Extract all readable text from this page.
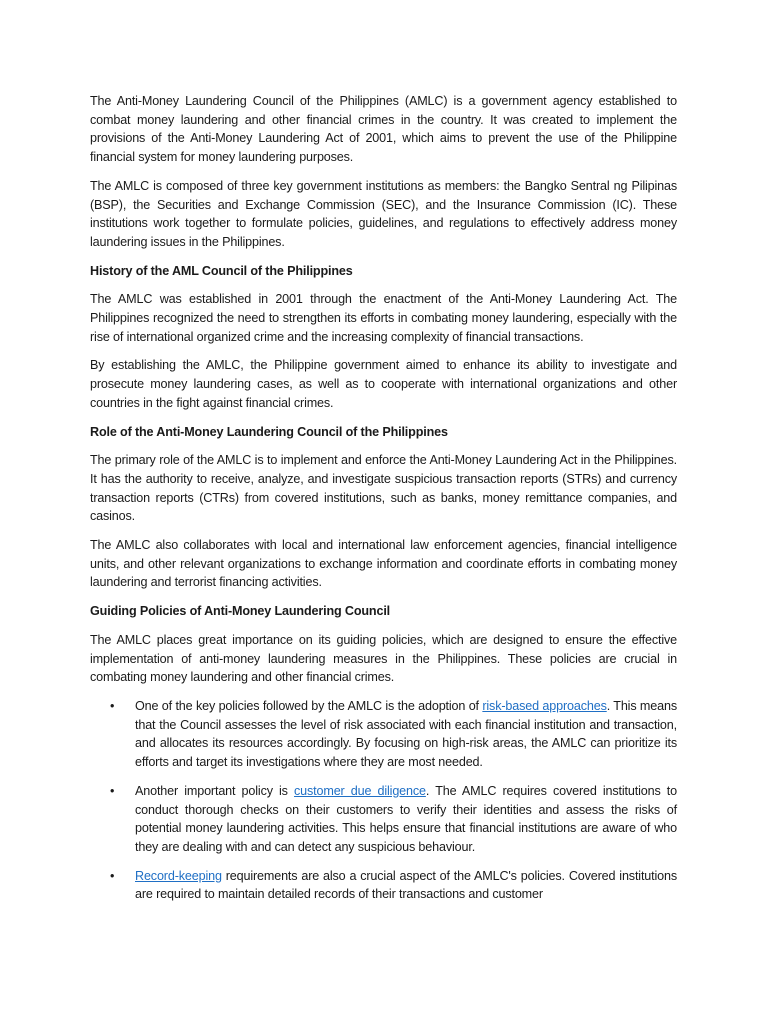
The Anti-Money Laundering Council of the Philippines (AMLC) is a government agency established to combat money laundering and other financial crimes in the country. It was created to implement the provisions of the Anti-Money Laundering Act of 2001, which aims to prevent the use of the Philippine financial system for money laundering purposes.

The AMLC is composed of three key government institutions as members: the Bangko Sentral ng Pilipinas (BSP), the Securities and Exchange Commission (SEC), and the Insurance Commission (IC). These institutions work together to formulate policies, guidelines, and regulations to effectively address money laundering issues in the Philippines.

History of the AML Council of the Philippines

The AMLC was established in 2001 through the enactment of the Anti-Money Laundering Act. The Philippines recognized the need to strengthen its efforts in combating money laundering, especially with the rise of international organized crime and the increasing complexity of financial transactions.

By establishing the AMLC, the Philippine government aimed to enhance its ability to investigate and prosecute money laundering cases, as well as to cooperate with international organizations and other countries in the fight against financial crimes.

Role of the Anti-Money Laundering Council of the Philippines

The primary role of the AMLC is to implement and enforce the Anti-Money Laundering Act in the Philippines. It has the authority to receive, analyze, and investigate suspicious transaction reports (STRs) and currency transaction reports (CTRs) from covered institutions, such as banks, money remittance companies, and casinos.

The AMLC also collaborates with local and international law enforcement agencies, financial intelligence units, and other relevant organizations to exchange information and coordinate efforts in combating money laundering and terrorist financing activities.

Guiding Policies of Anti-Money Laundering Council

The AMLC places great importance on its guiding policies, which are designed to ensure the effective implementation of anti-money laundering measures in the Philippines. These policies are crucial in combating money laundering and other financial crimes.

• One of the key policies followed by the AMLC is the adoption of risk-based approaches. This means that the Council assesses the level of risk associated with each financial institution and transaction, and allocates its resources accordingly. By focusing on high-risk areas, the AMLC can prioritize its efforts and target its investigations where they are most needed.
• Another important policy is customer due diligence. The AMLC requires covered institutions to conduct thorough checks on their customers to verify their identities and assess the risks of potential money laundering activities. This helps ensure that financial institutions are aware of who they are dealing with and can detect any suspicious behaviour.
• Record-keeping requirements are also a crucial aspect of the AMLC's policies. Covered institutions are required to maintain detailed records of their transactions and customer
